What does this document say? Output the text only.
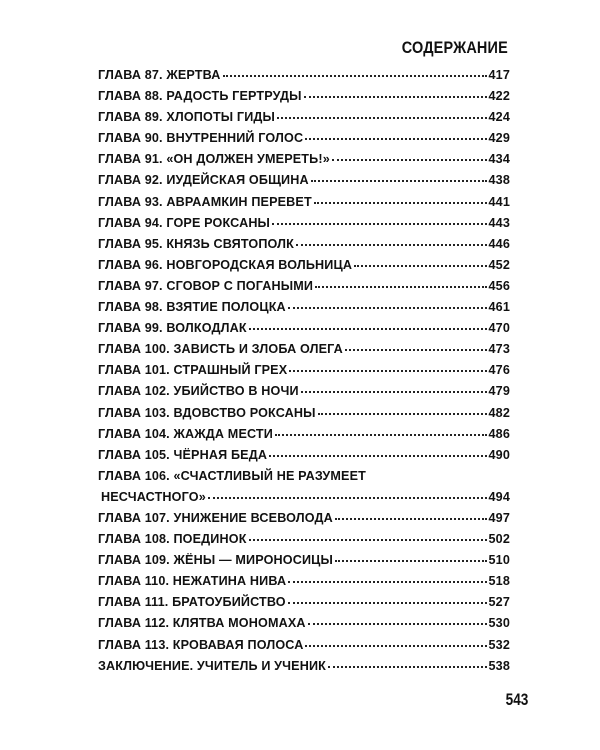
СОДЕРЖАНИЕ
ГЛАВА 87. ЖЕРТВА	417
ГЛАВА 88. РАДОСТЬ ГЕРТРУДЫ	422
ГЛАВА 89. ХЛОПОТЫ ГИДЫ	424
ГЛАВА 90. ВНУТРЕННИЙ ГОЛОС	429
ГЛАВА 91. «ОН ДОЛЖЕН УМЕРЕТЬ!»	434
ГЛАВА 92. ИУДЕЙСКАЯ ОБЩИНА	438
ГЛАВА 93. АВРААМКИН ПЕРЕВЕТ	441
ГЛАВА 94. ГОРЕ РОКСАНЫ	443
ГЛАВА 95. КНЯЗЬ СВЯТОПОЛК	446
ГЛАВА 96. НОВГОРОДСКАЯ ВОЛЬНИЦА	452
ГЛАВА 97. СГОВОР С ПОГАНЫМИ	456
ГЛАВА 98. ВЗЯТИЕ ПОЛОЦКА	461
ГЛАВА 99. ВОЛКОДЛАК	470
ГЛАВА 100. ЗАВИСТЬ И ЗЛОБА ОЛЕГА	473
ГЛАВА 101. СТРАШНЫЙ ГРЕХ	476
ГЛАВА 102. УБИЙСТВО В НОЧИ	479
ГЛАВА 103. ВДОВСТВО РОКСАНЫ	482
ГЛАВА 104. ЖАЖДА МЕСТИ	486
ГЛАВА 105. ЧЁРНАЯ БЕДА	490
ГЛАВА 106. «СЧАСТЛИВЫЙ НЕ РАЗУМЕЕТ
НЕСЧАСТНОГО»	494
ГЛАВА 107. УНИЖЕНИЕ ВСЕВОЛОДА	497
ГЛАВА 108. ПОЕДИНОК	502
ГЛАВА 109. ЖЁНЫ — МИРОНОСИЦЫ	510
ГЛАВА 110. НЕЖАТИНА НИВА	518
ГЛАВА 111. БРАТОУБИЙСТВО	527
ГЛАВА 112. КЛЯТВА МОНОМАХА	530
ГЛАВА 113. КРОВАВАЯ ПОЛОСА	532
ЗАКЛЮЧЕНИЕ. УЧИТЕЛЬ И УЧЕНИК	538
543
